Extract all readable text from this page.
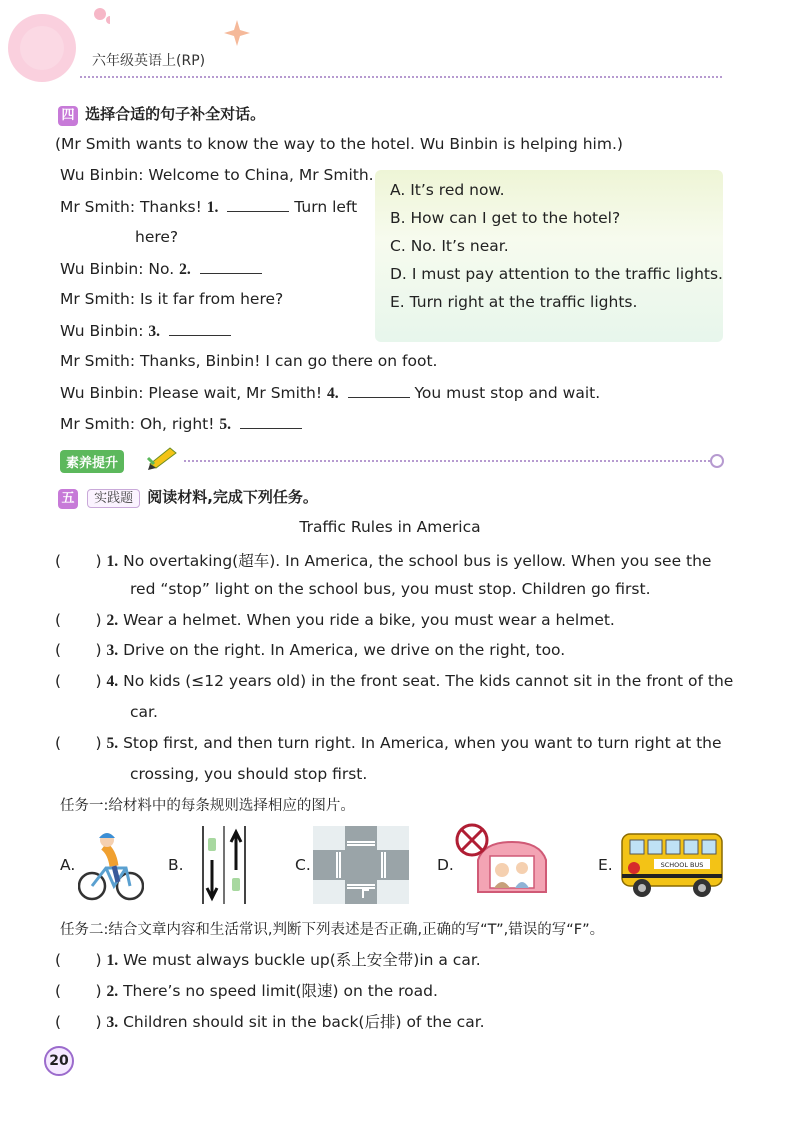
六年级英语上(RP)
四 选择合适的句子补全对话。
(Mr Smith wants to know the way to the hotel. Wu Binbin is helping him.)
Wu Binbin: Welcome to China, Mr Smith.
Mr Smith: Thanks! 1.	Turn left
here?
Wu Binbin: No. 2.
Mr Smith: Is it far from here?
Wu Binbin: 3.
Mr Smith: Thanks, Binbin! I can go there on foot.
Wu Binbin: Please wait, Mr Smith! 4.	You must stop and wait.
Mr Smith: Oh, right! 5.
A. It’s red now.
B. How can I get to the hotel?
C. No. It’s near.
D. I must pay attention to the traffic lights.
E. Turn right at the traffic lights.
素养提升
五 实践题 阅读材料,完成下列任务。
Traffic Rules in America
(       ) 1. No overtaking(超车). In America, the school bus is yellow. When you see the
red “stop” light on the school bus, you must stop. Children go first.
(       ) 2. Wear a helmet. When you ride a bike, you must wear a helmet.
(       ) 3. Drive on the right. In America, we drive on the right, too.
(       ) 4. No kids (≤12 years old) in the front seat. The kids cannot sit in the front of the
car.
(       ) 5. Stop first, and then turn right. In America, when you want to turn right at the
crossing, you should stop first.
任务一:给材料中的每条规则选择相应的图片。
A.	B.	C.	D.	E.	SCHOOL BUS
任务二:结合文章内容和生活常识,判断下列表述是否正确,正确的写“T”,错误的写“F”。
(       ) 1. We must always buckle up(系上安全带)in a car.
(       ) 2. There’s no speed limit(限速) on the road.
(       ) 3. Children should sit in the back(后排) of the car.
20
